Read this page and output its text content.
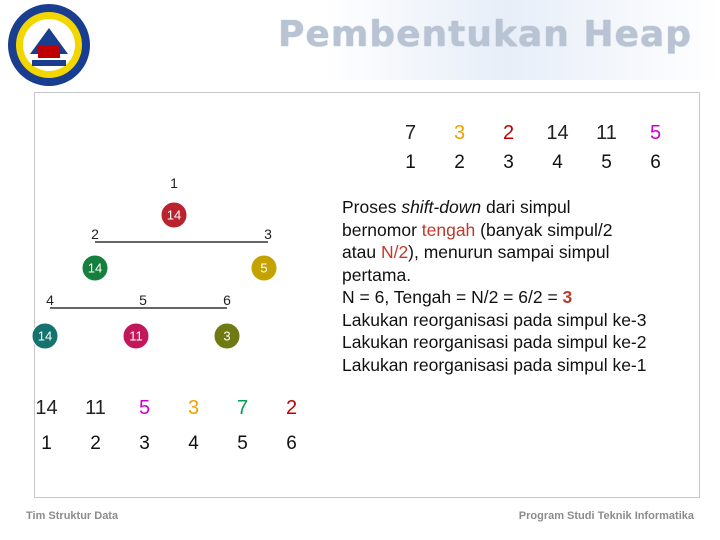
Pembentukan Heap
7	3	2	14	11	5
1	2	3	4	5	6
1
2	3
4	5	6
14
14	5
14	11	3

Proses shift-down dari simpul

bernomor tengah (banyak simpul/2

atau N/2), menurun sampai simpul

pertama.

N = 6, Tengah = N/2 = 6/2 = 3

Lakukan reorganisasi pada simpul ke-3

Lakukan reorganisasi pada simpul ke-2

Lakukan reorganisasi pada simpul ke-1

14	11	5	3	7	2
1	2	3	4	5	6
Tim Struktur Data	Program Studi Teknik Informatika
